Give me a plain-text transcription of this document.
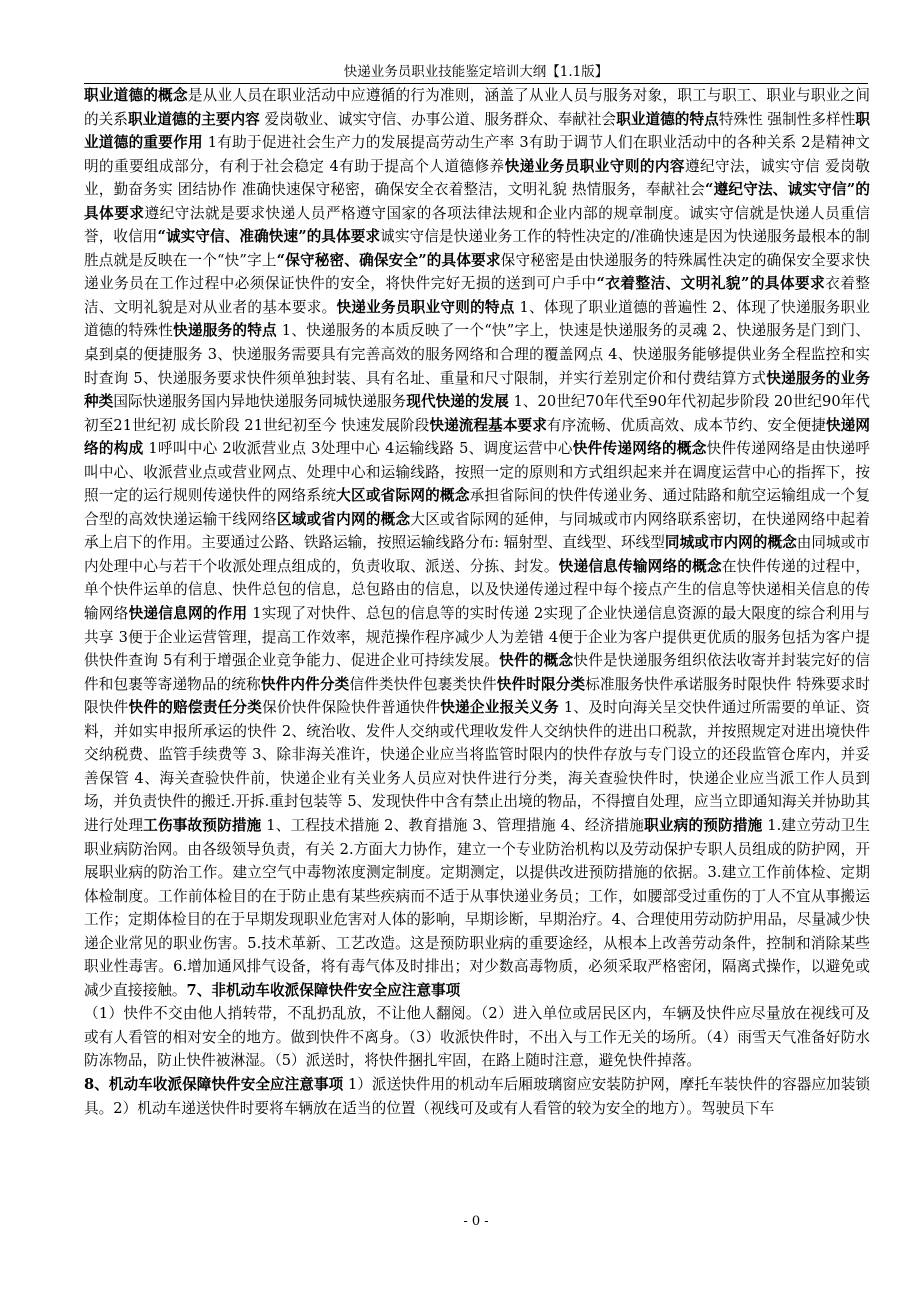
快递业务员职业技能鉴定培训大纲【1.1版】
职业道德的概念是从业人员在职业活动中应遵循的行为准则，涵盖了从业人员与服务对象，职工与职工、职业与职业之间的关系职业道德的主要内容 爱岗敬业、诚实守信、办事公道、服务群众、奉献社会职业道德的特点特殊性 强制性多样性职业道德的重要作用 1有助于促进社会生产力的发展提高劳动生产率 3有助于调节人们在职业活动中的各种关系 2是精神文明的重要组成部分，有利于社会稳定 4有助于提高个人道德修养快递业务员职业守则的内容遵纪守法，诚实守信 爱岗敬业，勤奋务实 团结协作 准确快速保守秘密，确保安全衣着整洁，文明礼貌 热情服务，奉献社会“遵纪守法、诚实守信”的具体要求遵纪守法就是要求快递人员严格遵守国家的各项法律法规和企业内部的规章制度。诚实守信就是快递人员重信誉，收信用“诚实守信、准确快速”的具体要求诚实守信是快递业务工作的特性决定的/准确快速是因为快递服务最根本的制胜点就是反映在一个“快”字上“保守秘密、确保安全”的具体要求保守秘密是由快递服务的特殊属性决定的确保安全要求快递业务员在工作过程中必须保证快件的安全，将快件完好无损的送到可户手中“衣着整洁、文明礼貌”的具体要求衣着整洁、文明礼貌是对从业者的基本要求。快递业务员职业守则的特点 1、体现了职业道德的普遍性 2、体现了快递服务职业道德的特殊性快递服务的特点 1、快递服务的本质反映了一个“快”字上，快速是快递服务的灵魂 2、快递服务是门到门、桌到桌的便捷服务 3、快递服务需要具有完善高效的服务网络和合理的覆盖网点 4、快递服务能够提供业务全程监控和实时查询 5、快递服务要求快件须单独封装、具有名址、重量和尺寸限制，并实行差别定价和付费结算方式快递服务的业务种类国际快递服务国内异地快递服务同城快递服务现代快递的发展 1、20世纪70年代至90年代初起步阶段 20世纪90年代初至21世纪初 成长阶段 21世纪初至今 快速发展阶段快递流程基本要求有序流畅、优质高效、成本节约、安全便捷快递网络的构成 1呼叫中心 2收派营业点 3处理中心 4运输线路 5、调度运营中心快件传递网络的概念快件传递网络是由快递呼叫中心、收派营业点或营业网点、处理中心和运输线路，按照一定的原则和方式组织起来并在调度运营中心的指挥下，按照一定的运行规则传递快件的网络系统大区或省际网的概念承担省际间的快件传递业务、通过陆路和航空运输组成一个复合型的高效快递运输干线网络区域或省内网的概念大区或省际网的延伸，与同城或市内网络联系密切，在快递网络中起着承上启下的作用。主要通过公路、铁路运输，按照运输线路分布: 辐射型、直线型、环线型同城或市内网的概念由同城或市内处理中心与若干个收派处理点组成的，负责收取、派送、分拣、封发。快递信息传输网络的概念在快件传递的过程中，单个快件运单的信息、快件总包的信息，总包路由的信息，以及快递传递过程中每个接点产生的信息等快递相关信息的传输网络快递信息网的作用 1实现了对快件、总包的信息等的实时传递 2实现了企业快递信息资源的最大限度的综合利用与共享 3便于企业运营管理，提高工作效率，规范操作程序减少人为差错 4便于企业为客户提供更优质的服务包括为客户提供快件查询 5有利于增强企业竞争能力、促进企业可持续发展。快件的概念快件是快递服务组织依法收寄并封装完好的信件和包裹等寄递物品的统称快件内件分类信件类快件包裹类快件快件时限分类标准服务快件承诺服务时限快件 特殊要求时限快件快件的赔偿责任分类保价快件保险快件普通快件快递企业报关义务 1、及时向海关呈交快件通过所需要的单证、资料，并如实申报所承运的快件 2、统治收、发件人交纳或代理收发件人交纳快件的进出口税款，并按照规定对进出境快件交纳税费、监管手续费等 3、除非海关准许，快递企业应当将监管时限内的快件存放与专门设立的还段监管仓库内，并妥善保管 4、海关查验快件前，快递企业有关业务人员应对快件进行分类，海关查验快件时，快递企业应当派工作人员到场，并负责快件的搬迁.开拆.重封包装等 5、发现快件中含有禁止出境的物品，不得擅自处理，应当立即通知海关并协助其进行处理工伤事故预防措施 1、工程技术措施 2、教育措施 3、管理措施 4、经济措施职业病的预防措施 1.建立劳动卫生职业病防治网。由各级领导负责，有关 2.方面大力协作，建立一个专业防治机构以及劳动保护专职人员组成的防护网，开展职业病的防治工作。建立空气中毒物浓度测定制度。定期测定，以提供改进预防措施的依据。3.建立工作前体检、定期体检制度。工作前体检目的在于防止患有某些疾病而不适于从事快递业务员；工作，如腰部受过重伤的丁人不宜从事搬运工作；定期体检目的在于早期发现职业危害对人体的影响，早期诊断，早期治疗。4、合理使用劳动防护用品，尽量减少快递企业常见的职业伤害。5.技术革新、工艺改造。这是预防职业病的重要途经，从根本上改善劳动条件，控制和消除某些职业性毒害。6.增加通风排气设备，将有毒气体及时排出；对少数高毒物质，必须采取严格密闭，隔离式操作，以避免或减少直接接触。7、非机动车收派保障快件安全应注意事项
（1）快件不交由他人捎转带，不乱扔乱放，不让他人翻阅。（2）进入单位或居民区内，车辆及快件应尽量放在视线可及或有人看管的相对安全的地方。做到快件不离身。（3）收派快件时，不出入与工作无关的场所。（4）雨雪天气准备好防水防冻物品，防止快件被淋湿。（5）派送时，将快件捆扎牢固，在路上随时注意，避免快件掉落。
8、机动车收派保障快件安全应注意事项 1）派送快件用的机动车后厢玻璃窗应安装防护网，摩托车装快件的容器应加装锁具。2）机动车递送快件时要将车辆放在适当的位置（视线可及或有人看管的较为安全的地方）。驾驶员下车
- 0 -
